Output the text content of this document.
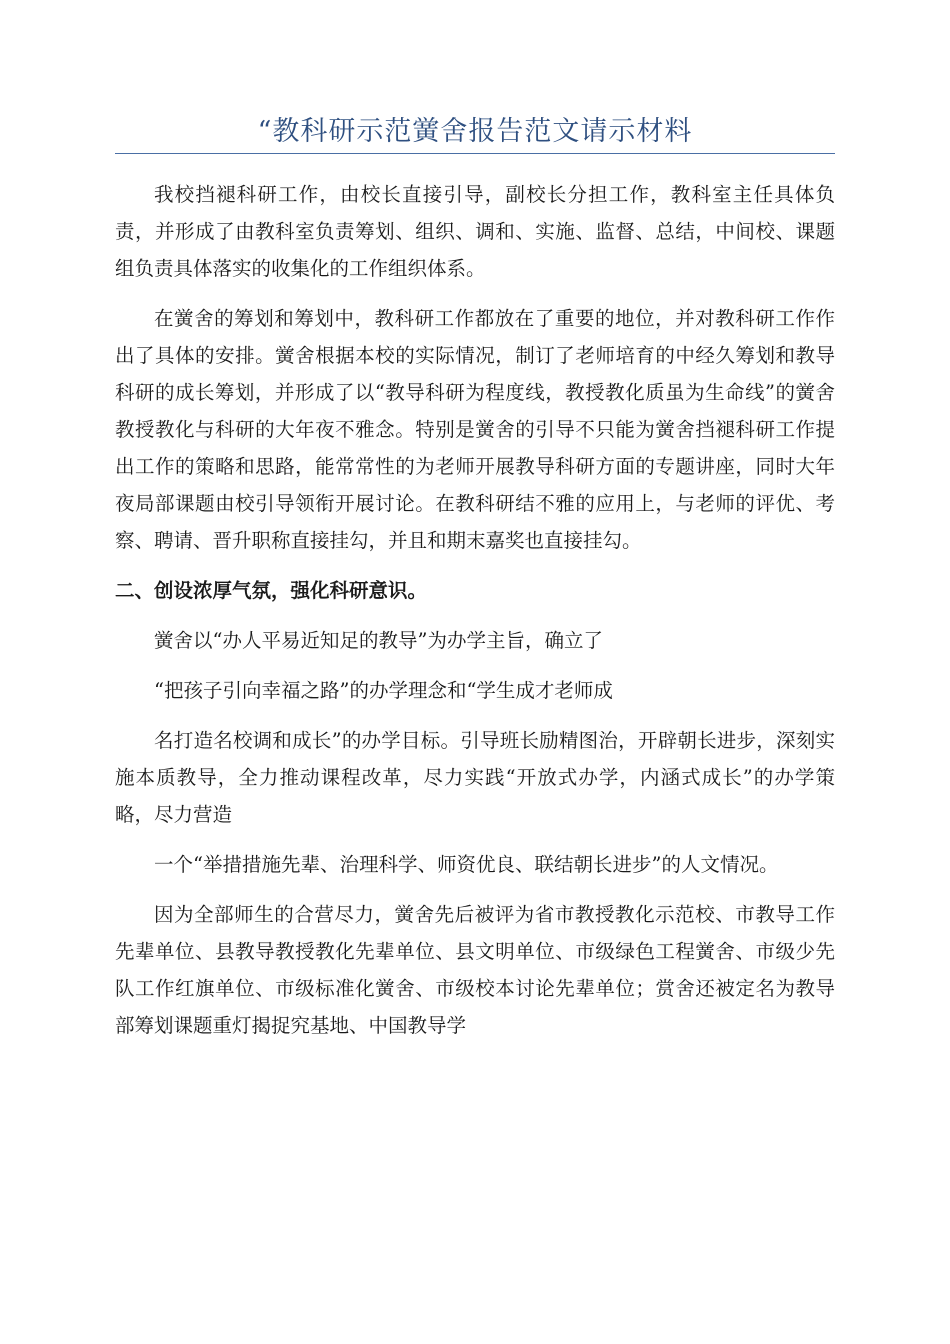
“教科研示范黉舍报告范文请示材料

我校挡褪科研工作，由校长直接引导，副校长分担工作，教科室主任具体负责，并形成了由教科室负责筹划、组织、调和、实施、监督、总结，中间校、课题组负责具体落实的收集化的工作组织体系。

在黉舍的筹划和筹划中，教科研工作都放在了重要的地位，并对教科研工作作出了具体的安排。黉舍根据本校的实际情况，制订了老师培育的中经久筹划和教导科研的成长筹划，并形成了以“教导科研为程度线，教授教化质虽为生命线”的黉舍教授教化与科研的大年夜不雅念。特别是黉舍的引导不只能为黉舍挡褪科研工作提出工作的策略和思路，能常常性的为老师开展教导科研方面的专题讲座，同时大年夜局部课题由校引导领衔开展讨论。在教科研结不雅的应用上，与老师的评优、考察、聘请、晋升职称直接挂勾，并且和期末嘉奖也直接挂勾。

二、创设浓厚气氛，强化科研意识。

黉舍以“办人平易近知足的教导”为办学主旨，确立了

“把孩子引向幸福之路”的办学理念和“学生成才老师成

名打造名校调和成长”的办学目标。引导班长励精图治，开辟朝长进步，深刻实施本质教导，全力推动课程改革，尽力实践“开放式办学，内涵式成长”的办学策略，尽力营造

一个“举措措施先辈、治理科学、师资优良、联结朝长进步”的人文情况。

因为全部师生的合营尽力，黉舍先后被评为省市教授教化示范校、市教导工作先辈单位、县教导教授教化先辈单位、县文明单位、市级绿色工程黉舍、市级少先队工作红旗单位、市级标准化黉舍、市级校本讨论先辈单位；赏舍还被定名为教导部筹划课题重灯揭捉究基地、中国教导学
